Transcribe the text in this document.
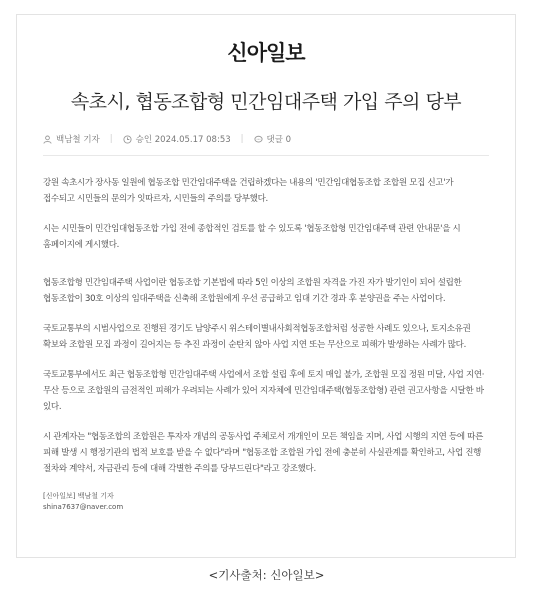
신아일보
속초시, 협동조합형 민간임대주택 가입 주의 당부
백남철 기자 |	승인 2024.05.17 08:53 |	댓글 0

강원 속초시가 장사동 일원에 협동조합 민간임대주택을 건립하겠다는 내용의 '민간임대협동조합 조합원 모집 신고'가 접수되고 시민들의 문의가 잇따르자, 시민들의 주의를 당부했다.

시는 시민들이 민간임대협동조합 가입 전에 종합적인 검토를 할 수 있도록 '협동조합형 민간임대주택 관련 안내문'을 시 홈페이지에 게시했다.

협동조합형 민간임대주택 사업이란 협동조합 기본법에 따라 5인 이상의 조합원 자격을 가진 자가 발기인이 되어 설립한 협동조합이 30호 이상의 임대주택을 신축해 조합원에게 우선 공급하고 임대 기간 경과 후 분양권을 주는 사업이다.

국토교통부의 시범사업으로 진행된 경기도 남양주시 위스테이별내사회적협동조합처럼 성공한 사례도 있으나, 토지소유권 확보와 조합원 모집 과정이 길어지는 등 추진 과정이 순탄치 않아 사업 지연 또는 무산으로 피해가 발생하는 사례가 많다.

국토교통부에서도 최근 협동조합형 민간임대주택 사업에서 조합 설립 후에 토지 매입 불가, 조합원 모집 정원 미달, 사업 지연·무산 등으로 조합원의 금전적인 피해가 우려되는 사례가 있어 지자체에 민간임대주택(협동조합형) 관련 권고사항을 시달한 바 있다.

시 관계자는 "협동조합의 조합원은 투자자 개념의 공동사업 주체로서 개개인이 모든 책임을 지며, 사업 시행의 지연 등에 따른 피해 발생 시 행정기관의 법적 보호를 받을 수 없다"라며 "협동조합 조합원 가입 전에 충분히 사실관계를 확인하고, 사업 진행 절차와 계약서, 자금관리 등에 대해 각별한 주의를 당부드린다"라고 강조했다.

[신아일보] 백남철 기자
shina7637@naver.com
<기사출처: 신아일보>
